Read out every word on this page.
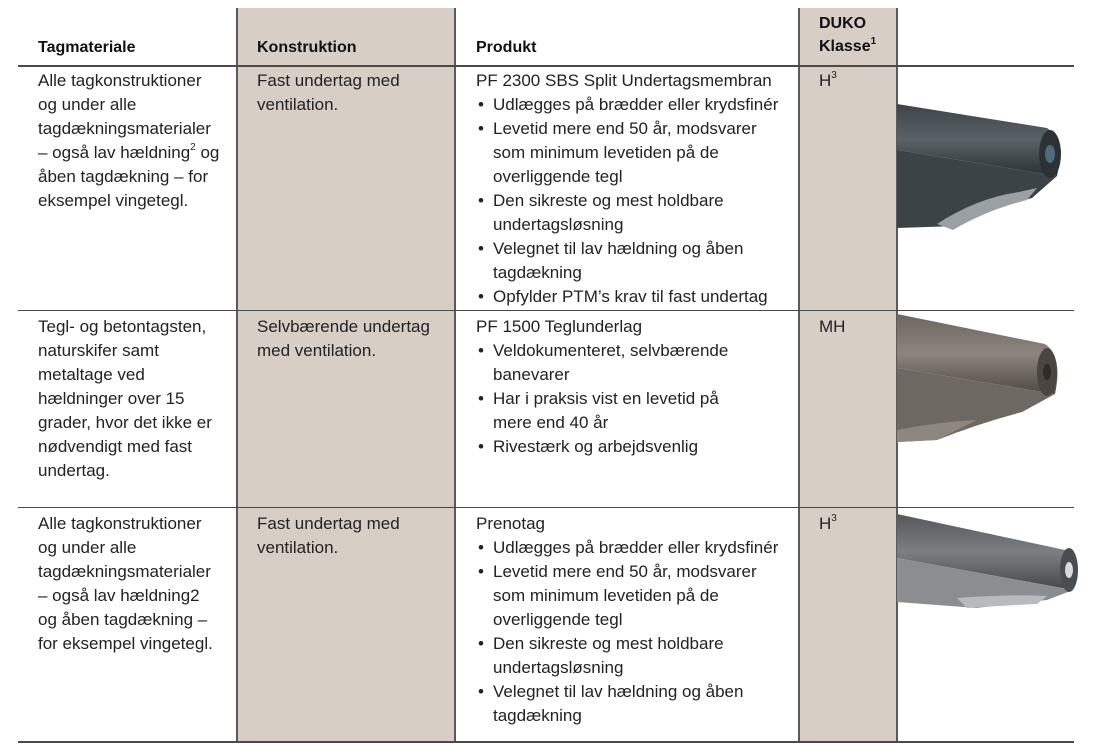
Tagmateriale	Konstruktion	Produkt
DUKO
Klasse$^1$
Alle tagkonstruktioner
og under alle
tagdækningsmaterialer
– også lav hældning$^2$ og
åben tagdækning – for
eksempel vingetegl.
Fast undertag med
ventilation.
PF 2300 SBS Split Undertagsmembran
• Udlægges på brædder eller krydsfinér
• Levetid mere end 50 år, modsvarer
som minimum levetiden på de
overliggende tegl
• Den sikreste og mest holdbare
undertagsløsning
• Velegnet til lav hældning og åben
tagdækning
• Opfylder PTM’s krav til fast undertag
$H^3$
Tegl- og betontagsten,
naturskifer samt
metaltage ved
hældninger over 15
grader, hvor det ikke er
nødvendigt med fast
undertag.
Selvbærende undertag
med ventilation.
PF 1500 Teglunderlag
• Veldokumenteret, selvbærende
banevarer
• Har i praksis vist en levetid på
mere end 40 år
• Rivestærk og arbejdsvenlig
MH
Alle tagkonstruktioner
og under alle
tagdækningsmaterialer
– også lav hældning2
og åben tagdækning –
for eksempel vingetegl.
Fast undertag med
ventilation.
Prenotag
• Udlægges på brædder eller krydsfinér
• Levetid mere end 50 år, modsvarer
som minimum levetiden på de
overliggende tegl
• Den sikreste og mest holdbare
undertagsløsning
• Velegnet til lav hældning og åben
tagdækning
$H^3$
